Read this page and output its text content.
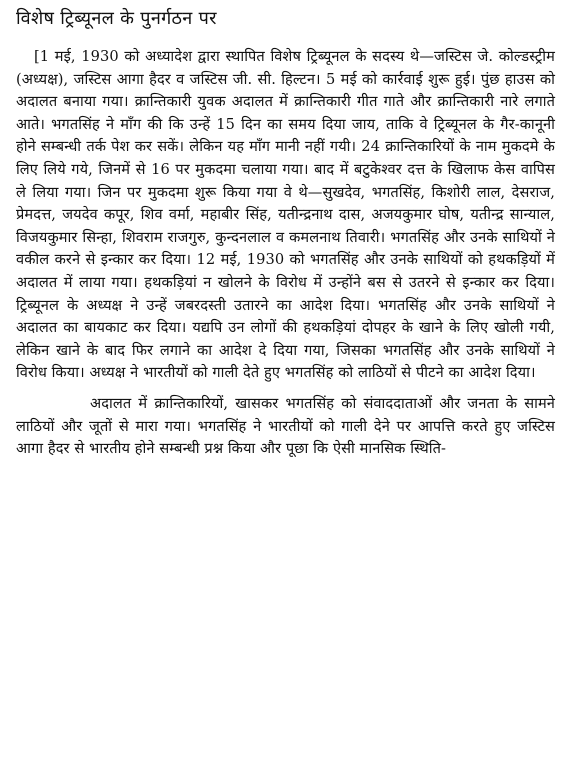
विशेष ट्रिब्यूनल के पुनर्गठन पर

[1 मई, 1930 को अध्यादेश द्वारा स्थापित विशेष ट्रिब्यूनल के सदस्य थे—जस्टिस जे. कोल्डस्ट्रीम (अध्यक्ष), जस्टिस आगा हैदर व जस्टिस जी. सी. हिल्टन। 5 मई को कार्रवाई शुरू हुई। पुंछ हाउस को अदालत बनाया गया। क्रान्तिकारी युवक अदालत में क्रान्तिकारी गीत गाते और क्रान्तिकारी नारे लगाते आते। भगतसिंह ने माँग की कि उन्हें 15 दिन का समय दिया जाय, ताकि वे ट्रिब्यूनल के गैर-कानूनी होने सम्बन्धी तर्क पेश कर सकें। लेकिन यह माँग मानी नहीं गयी। 24 क्रान्तिकारियों के नाम मुकदमे के लिए लिये गये, जिनमें से 16 पर मुकदमा चलाया गया। बाद में बटुकेश्वर दत्त के खिलाफ केस वापिस ले लिया गया। जिन पर मुकदमा शुरू किया गया वे थे—सुखदेव, भगतसिंह, किशोरी लाल, देसराज, प्रेमदत्त, जयदेव कपूर, शिव वर्मा, महाबीर सिंह, यतीन्द्रनाथ दास, अजयकुमार घोष, यतीन्द्र सान्याल, विजयकुमार सिन्हा, शिवराम राजगुरु, कुन्दनलाल व कमलनाथ तिवारी। भगतसिंह और उनके साथियों ने वकील करने से इन्कार कर दिया। 12 मई, 1930 को भगतसिंह और उनके साथियों को हथकड़ियों में अदालत में लाया गया। हथकड़ियां न खोलने के विरोध में उन्होंने बस से उतरने से इन्कार कर दिया। ट्रिब्यूनल के अध्यक्ष ने उन्हें जबरदस्ती उतारने का आदेश दिया। भगतसिंह और उनके साथियों ने अदालत का बायकाट कर दिया। यद्यपि उन लोगों की हथकड़ियां दोपहर के खाने के लिए खोली गयी, लेकिन खाने के बाद फिर लगाने का आदेश दे दिया गया, जिसका भगतसिंह और उनके साथियों ने विरोध किया। अध्यक्ष ने भारतीयों को गाली देते हुए भगतसिंह को लाठियों से पीटने का आदेश दिया।

अदालत में क्रान्तिकारियों, खासकर भगतसिंह को संवाददाताओं और जनता के सामने लाठियों और जूतों से मारा गया। भगतसिंह ने भारतीयों को गाली देने पर आपत्ति करते हुए जस्टिस आगा हैदर से भारतीय होने सम्बन्धी प्रश्न किया और पूछा कि ऐसी मानसिक स्थिति-
